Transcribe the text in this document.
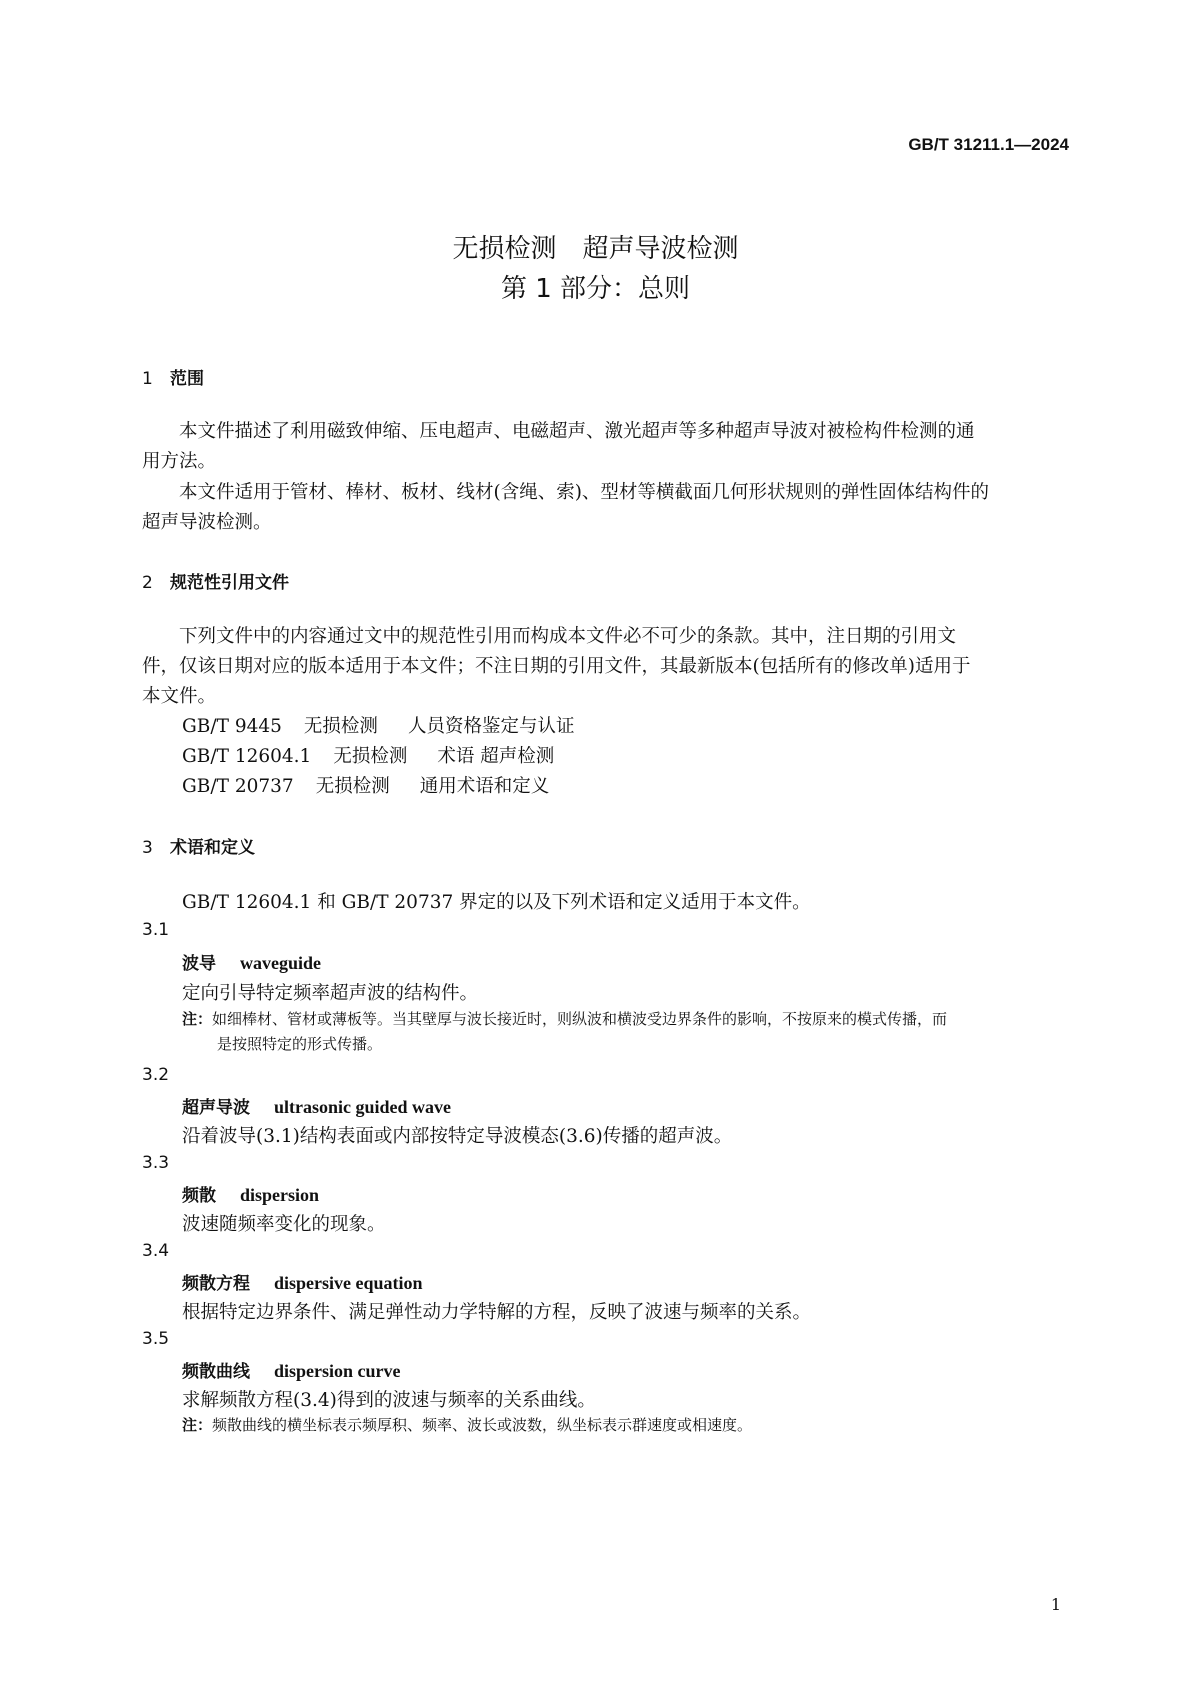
GB/T 31211.1—2024
无损检测　超声导波检测
第 1 部分：总则
1 范围
本文件描述了利用磁致伸缩、压电超声、电磁超声、激光超声等多种超声导波对被检构件检测的通
用方法。
本文件适用于管材、棒材、板材、线材(含绳、索)、型材等横截面几何形状规则的弹性固体结构件的
超声导波检测。
2 规范性引用文件
下列文件中的内容通过文中的规范性引用而构成本文件必不可少的条款。其中，注日期的引用文
件，仅该日期对应的版本适用于本文件；不注日期的引用文件，其最新版本(包括所有的修改单)适用于
本文件。
GB/T 9445 无损检测 人员资格鉴定与认证
GB/T 12604.1 无损检测 术语 超声检测
GB/T 20737 无损检测 通用术语和定义
3 术语和定义
GB/T 12604.1 和 GB/T 20737 界定的以及下列术语和定义适用于本文件。
3.1
波导 waveguide
定向引导特定频率超声波的结构件。
注：如细棒材、管材或薄板等。当其壁厚与波长接近时，则纵波和横波受边界条件的影响，不按原来的模式传播，而
是按照特定的形式传播。
3.2
超声导波 ultrasonic guided wave
沿着波导(3.1)结构表面或内部按特定导波模态(3.6)传播的超声波。
3.3
频散 dispersion
波速随频率变化的现象。
3.4
频散方程 dispersive equation
根据特定边界条件、满足弹性动力学特解的方程，反映了波速与频率的关系。
3.5
频散曲线 dispersion curve
求解频散方程(3.4)得到的波速与频率的关系曲线。
注：频散曲线的横坐标表示频厚积、频率、波长或波数，纵坐标表示群速度或相速度。
1
